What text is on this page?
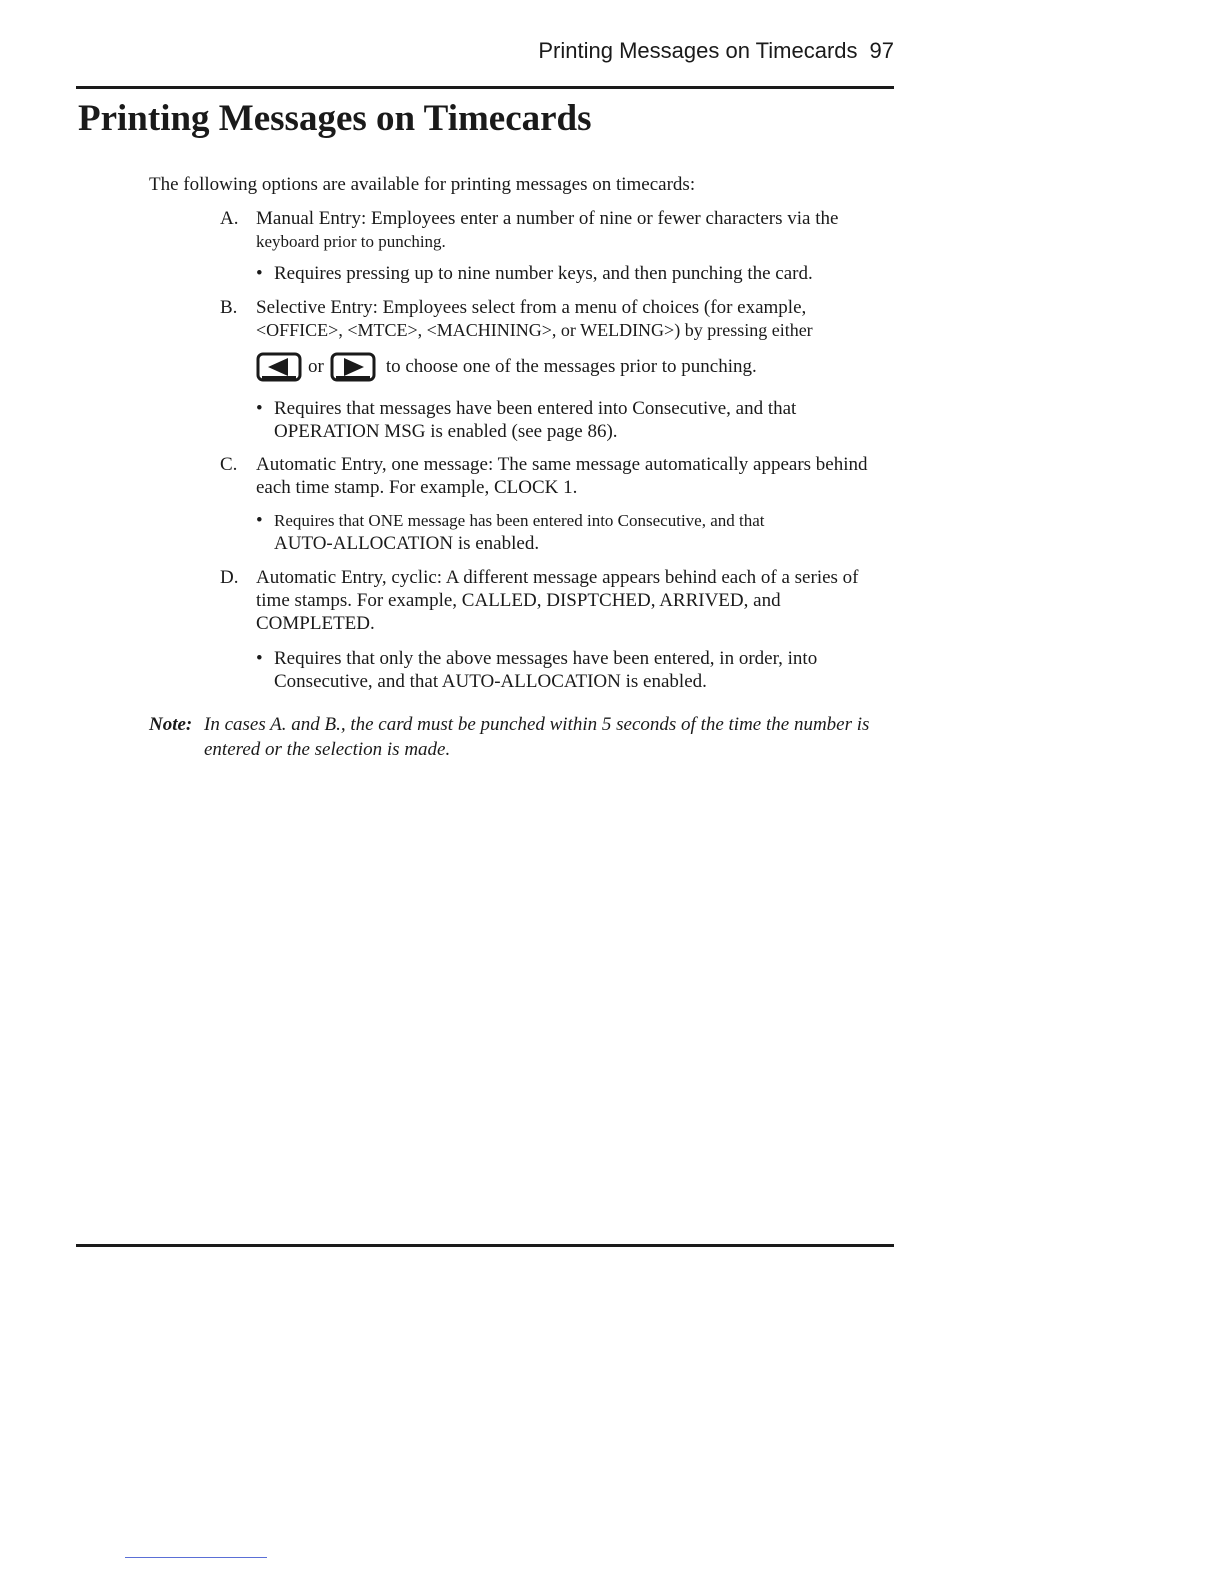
Printing Messages on Timecards 97
Printing Messages on Timecards
The following options are available for printing messages on timecards:
A. Manual Entry: Employees enter a number of nine or fewer characters via the
keyboard prior to punching.
• Requires pressing up to nine number keys, and then punching the card.
B. Selective Entry: Employees select from a menu of choices (for example,
<OFFICE>, <MTCE>, <MACHINING>, or WELDING>) by pressing either
or	to choose one of the messages prior to punching.
• Requires that messages have been entered into Consecutive, and that
OPERATION MSG is enabled (see page 86).
C. Automatic Entry, one message: The same message automatically appears behind
each time stamp. For example, CLOCK 1.
• Requires that ONE message has been entered into Consecutive, and that
AUTO-ALLOCATION is enabled.
D. Automatic Entry, cyclic: A different message appears behind each of a series of
time stamps. For example, CALLED, DISPTCHED, ARRIVED, and
COMPLETED.
• Requires that only the above messages have been entered, in order, into
Consecutive, and that AUTO-ALLOCATION is enabled.
Note: In cases A. and B., the card must be punched within 5 seconds of the time the number is
entered or the selection is made.
